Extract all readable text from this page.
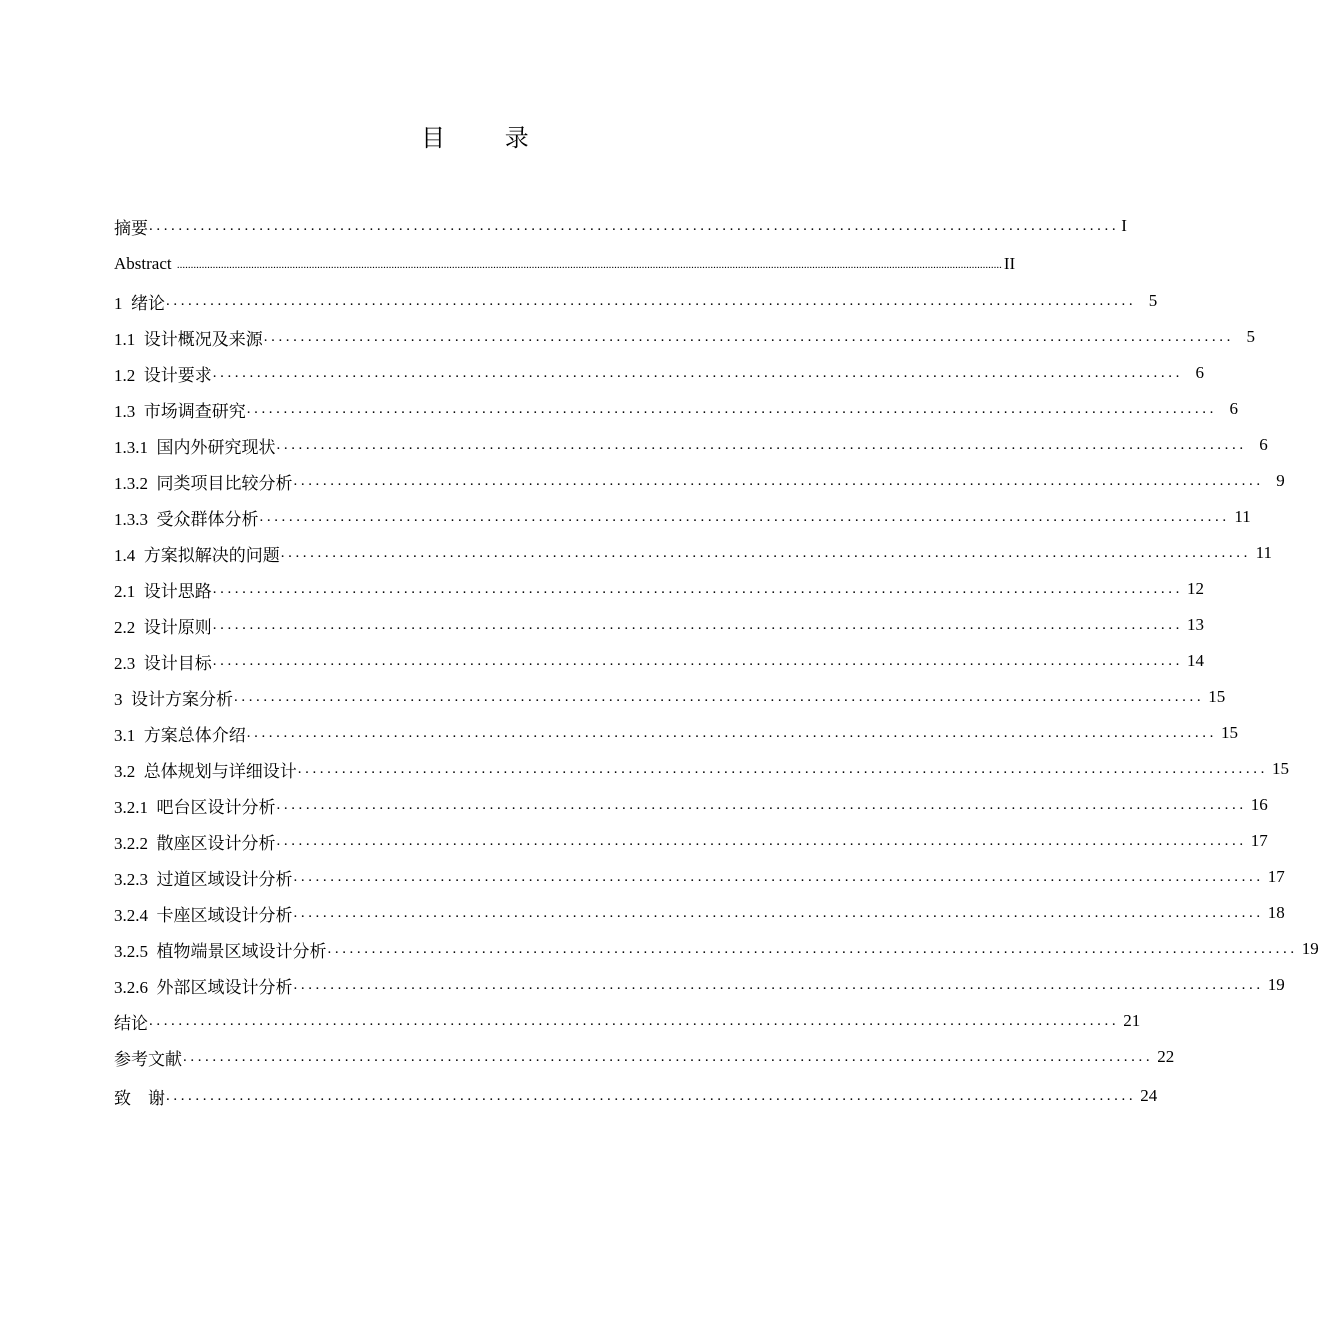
目 录
摘要 .................................................................................................................................... I
Abstract ............................................................................................................................................................................................................................................................................................................ II
1  绪论 .................................................................................................................................... 5
1.1  设计概况及来源 .................................................................................................................................... 5
1.2  设计要求 .................................................................................................................................... 6
1.3  市场调查研究 .................................................................................................................................... 6
1.3.1  国内外研究现状 .................................................................................................................................... 6
1.3.2  同类项目比较分析 .................................................................................................................................... 9
1.3.3  受众群体分析 .................................................................................................................................... 11
1.4  方案拟解决的问题 .................................................................................................................................... 11
2.1  设计思路 .................................................................................................................................... 12
2.2  设计原则 .................................................................................................................................... 13
2.3  设计目标 .................................................................................................................................... 14
3  设计方案分析 .................................................................................................................................... 15
3.1  方案总体介绍 .................................................................................................................................... 15
3.2  总体规划与详细设计 .................................................................................................................................... 15
3.2.1  吧台区设计分析 .................................................................................................................................... 16
3.2.2  散座区设计分析 .................................................................................................................................... 17
3.2.3  过道区域设计分析 .................................................................................................................................... 17
3.2.4  卡座区域设计分析 .................................................................................................................................... 18
3.2.5  植物端景区域设计分析 .................................................................................................................................... 19
3.2.6  外部区域设计分析 .................................................................................................................................... 19
结论 .................................................................................................................................... 21
参考文献 .................................................................................................................................... 22
致    谢 .................................................................................................................................... 24
